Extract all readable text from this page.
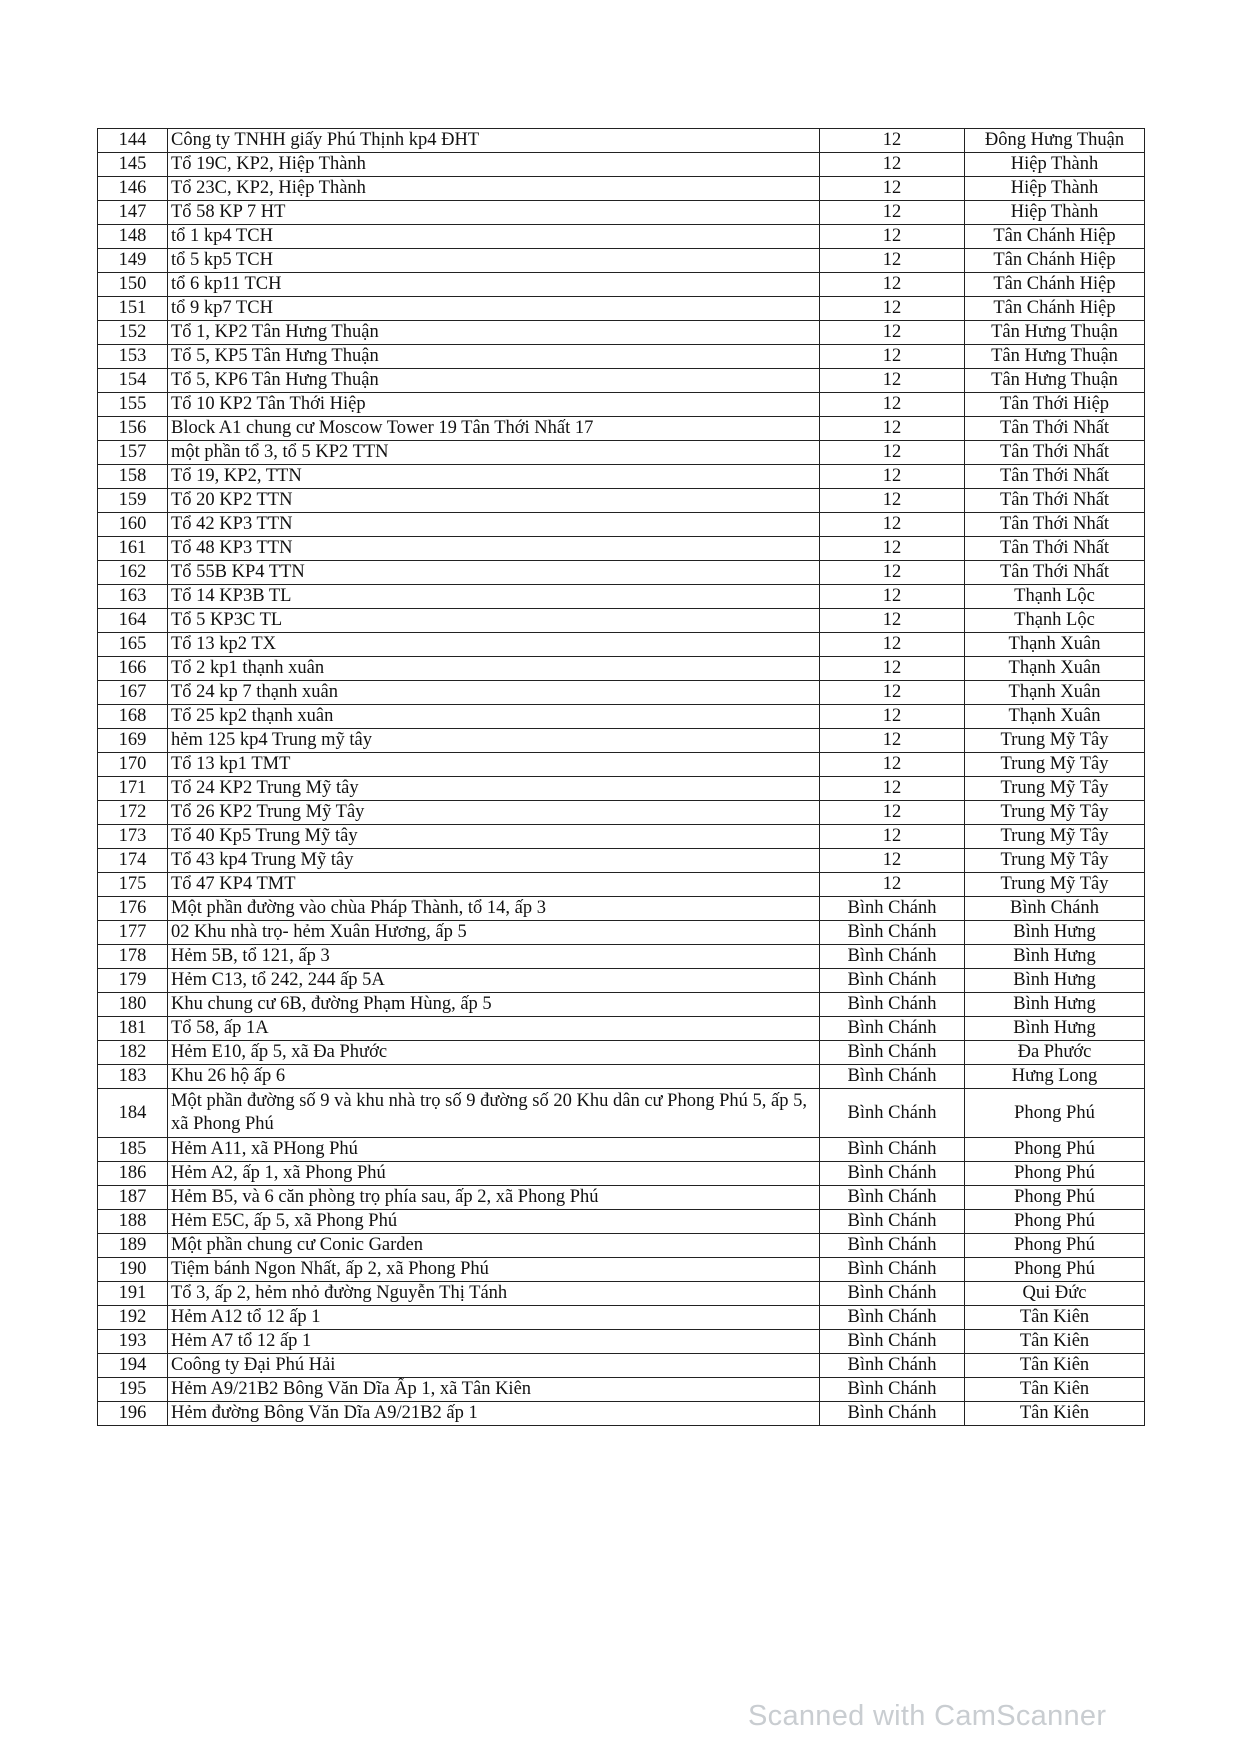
144	Công ty TNHH giấy Phú Thịnh kp4 ĐHT	12	Đông Hưng Thuận
145	Tổ 19C, KP2, Hiệp Thành	12	Hiệp Thành
146	Tổ 23C, KP2, Hiệp Thành	12	Hiệp Thành
147	Tổ 58 KP 7 HT	12	Hiệp Thành
148	tổ 1 kp4 TCH	12	Tân Chánh Hiệp
149	tổ 5 kp5 TCH	12	Tân Chánh Hiệp
150	tổ 6 kp11 TCH	12	Tân Chánh Hiệp
151	tổ 9 kp7 TCH	12	Tân Chánh Hiệp
152	Tổ 1, KP2 Tân Hưng Thuận	12	Tân Hưng Thuận
153	Tổ 5, KP5 Tân Hưng Thuận	12	Tân Hưng Thuận
154	Tổ 5, KP6 Tân Hưng Thuận	12	Tân Hưng Thuận
155	Tổ 10 KP2 Tân Thới Hiệp	12	Tân Thới Hiệp
156	Block A1 chung cư Moscow Tower 19 Tân Thới Nhất 17	12	Tân Thới Nhất
157	một phần tổ 3, tổ 5 KP2 TTN	12	Tân Thới Nhất
158	Tổ 19, KP2, TTN	12	Tân Thới Nhất
159	Tổ 20 KP2 TTN	12	Tân Thới Nhất
160	Tổ 42 KP3 TTN	12	Tân Thới Nhất
161	Tổ 48 KP3 TTN	12	Tân Thới Nhất
162	Tổ 55B KP4 TTN	12	Tân Thới Nhất
163	Tổ 14 KP3B TL	12	Thạnh Lộc
164	Tổ 5 KP3C TL	12	Thạnh Lộc
165	Tổ 13 kp2 TX	12	Thạnh Xuân
166	Tổ 2 kp1 thạnh xuân	12	Thạnh Xuân
167	Tổ 24 kp 7 thạnh xuân	12	Thạnh Xuân
168	Tổ 25 kp2 thạnh xuân	12	Thạnh Xuân
169	hẻm 125 kp4 Trung mỹ tây	12	Trung Mỹ Tây
170	Tổ 13 kp1 TMT	12	Trung Mỹ Tây
171	Tổ 24 KP2 Trung Mỹ tây	12	Trung Mỹ Tây
172	Tổ 26 KP2 Trung Mỹ Tây	12	Trung Mỹ Tây
173	Tổ 40 Kp5 Trung Mỹ tây	12	Trung Mỹ Tây
174	Tổ 43 kp4 Trung Mỹ tây	12	Trung Mỹ Tây
175	Tổ 47 KP4 TMT	12	Trung Mỹ Tây
176	Một phần đường vào chùa Pháp Thành, tổ 14, ấp 3	Bình Chánh	Bình Chánh
177	02 Khu nhà trọ- hẻm Xuân Hương, ấp 5	Bình Chánh	Bình Hưng
178	Hẻm 5B, tổ 121, ấp 3	Bình Chánh	Bình Hưng
179	Hẻm C13, tổ 242, 244 ấp 5A	Bình Chánh	Bình Hưng
180	Khu chung cư 6B, đường Phạm Hùng, ấp 5	Bình Chánh	Bình Hưng
181	Tổ 58, ấp 1A	Bình Chánh	Bình Hưng
182	Hẻm E10, ấp 5, xã Đa Phước	Bình Chánh	Đa Phước
183	Khu 26 hộ ấp 6	Bình Chánh	Hưng Long
184	Một phần đường số 9 và khu nhà trọ số 9 đường số 20 Khu dân cư Phong Phú 5, ấp 5, xã Phong Phú	Bình Chánh	Phong Phú
185	Hẻm A11, xã PHong Phú	Bình Chánh	Phong Phú
186	Hẻm A2, ấp 1, xã Phong Phú	Bình Chánh	Phong Phú
187	Hẻm B5, và 6 căn phòng trọ phía sau, ấp 2, xã Phong Phú	Bình Chánh	Phong Phú
188	Hẻm E5C, ấp 5, xã Phong Phú	Bình Chánh	Phong Phú
189	Một phần chung cư Conic Garden	Bình Chánh	Phong Phú
190	Tiệm bánh Ngon Nhất, ấp 2, xã Phong Phú	Bình Chánh	Phong Phú
191	Tổ 3, ấp 2, hẻm nhỏ đường Nguyễn Thị Tánh	Bình Chánh	Qui Đức
192	Hẻm A12 tổ 12 ấp 1	Bình Chánh	Tân Kiên
193	Hẻm A7 tổ 12 ấp 1	Bình Chánh	Tân Kiên
194	Coông ty Đại Phú Hải	Bình Chánh	Tân Kiên
195	Hẻm A9/21B2 Bông Văn Dĩa Ấp 1, xã Tân Kiên	Bình Chánh	Tân Kiên
196	Hẻm đường Bông Văn Dĩa A9/21B2 ấp 1	Bình Chánh	Tân Kiên
Scanned with CamScanner
